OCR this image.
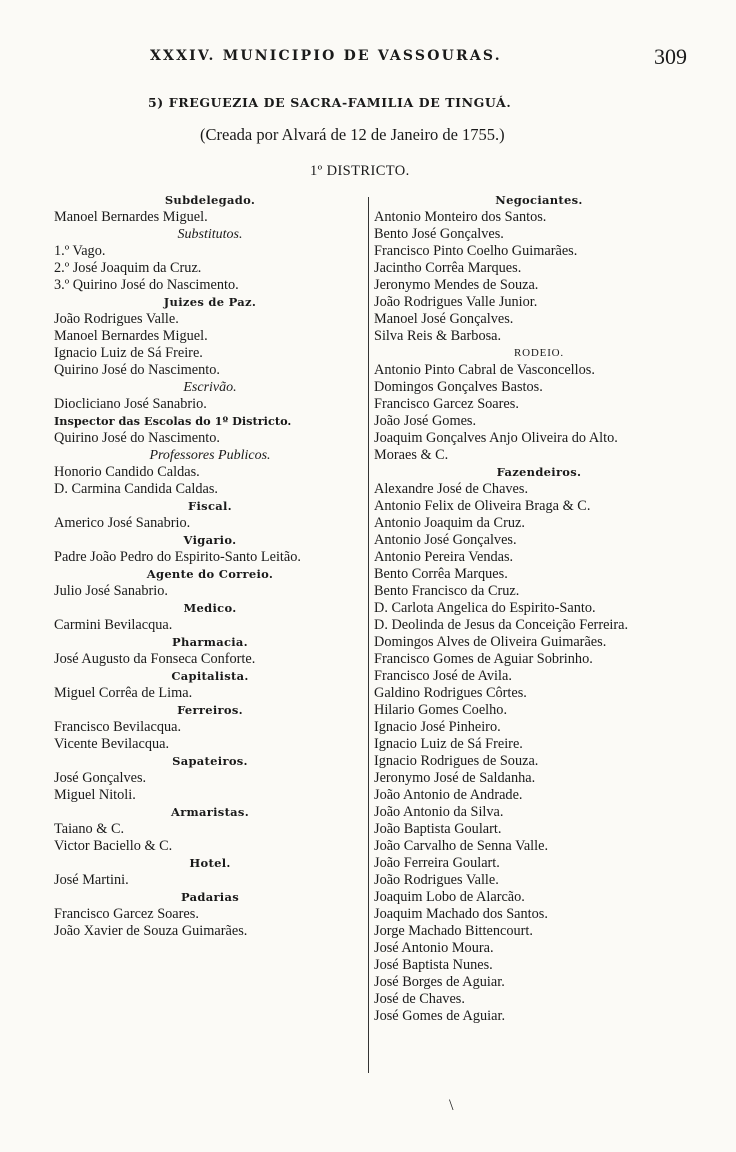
XXXIV. MUNICIPIO DE VASSOURAS.	309
5) FREGUEZIA DE SACRA-FAMILIA DE TINGUÁ.
(Creada por Alvará de 12 de Janeiro de 1755.)
1º DISTRICTO.
Subdelegado.
Manoel Bernardes Miguel.
Substitutos.
1.º Vago.
2.º José Joaquim da Cruz.
3.º Quirino José do Nascimento.
Juizes de Paz.
João Rodrigues Valle.
Manoel Bernardes Miguel.
Ignacio Luiz de Sá Freire.
Quirino José do Nascimento.
Escrivão.
Diocliciano José Sanabrio.
Inspector das Escolas do 1º Districto.
Quirino José do Nascimento.
Professores Publicos.
Honorio Candido Caldas.
D. Carmina Candida Caldas.
Fiscal.
Americo José Sanabrio.
Vigario.
Padre João Pedro do Espirito-Santo Leitão.
Agente do Correio.
Julio José Sanabrio.
Medico.
Carmini Bevilacqua.
Pharmacia.
José Augusto da Fonseca Conforte.
Capitalista.
Miguel Corrêa de Lima.
Ferreiros.
Francisco Bevilacqua.
Vicente Bevilacqua.
Sapateiros.
José Gonçalves.
Miguel Nitoli.
Armaristas.
Taiano & C.
Victor Baciello & C.
Hotel.
José Martini.
Padarias
Francisco Garcez Soares.
João Xavier de Souza Guimarães.
Negociantes.
Antonio Monteiro dos Santos.
Bento José Gonçalves.
Francisco Pinto Coelho Guimarães.
Jacintho Corrêa Marques.
Jeronymo Mendes de Souza.
João Rodrigues Valle Junior.
Manoel José Gonçalves.
Silva Reis & Barbosa.
RODEIO.
Antonio Pinto Cabral de Vasconcellos.
Domingos Gonçalves Bastos.
Francisco Garcez Soares.
João José Gomes.
Joaquim Gonçalves Anjo Oliveira do Alto.
Moraes & C.
Fazendeiros.
Alexandre José de Chaves.
Antonio Felix de Oliveira Braga & C.
Antonio Joaquim da Cruz.
Antonio José Gonçalves.
Antonio Pereira Vendas.
Bento Corrêa Marques.
Bento Francisco da Cruz.
D. Carlota Angelica do Espirito-Santo.
D. Deolinda de Jesus da Conceição Ferreira.
Domingos Alves de Oliveira Guimarães.
Francisco Gomes de Aguiar Sobrinho.
Francisco José de Avila.
Galdino Rodrigues Côrtes.
Hilario Gomes Coelho.
Ignacio José Pinheiro.
Ignacio Luiz de Sá Freire.
Ignacio Rodrigues de Souza.
Jeronymo José de Saldanha.
João Antonio de Andrade.
João Antonio da Silva.
João Baptista Goulart.
João Carvalho de Senna Valle.
João Ferreira Goulart.
João Rodrigues Valle.
Joaquim Lobo de Alarcão.
Joaquim Machado dos Santos.
Jorge Machado Bittencourt.
José Antonio Moura.
José Baptista Nunes.
José Borges de Aguiar.
José de Chaves.
José Gomes de Aguiar.
\
